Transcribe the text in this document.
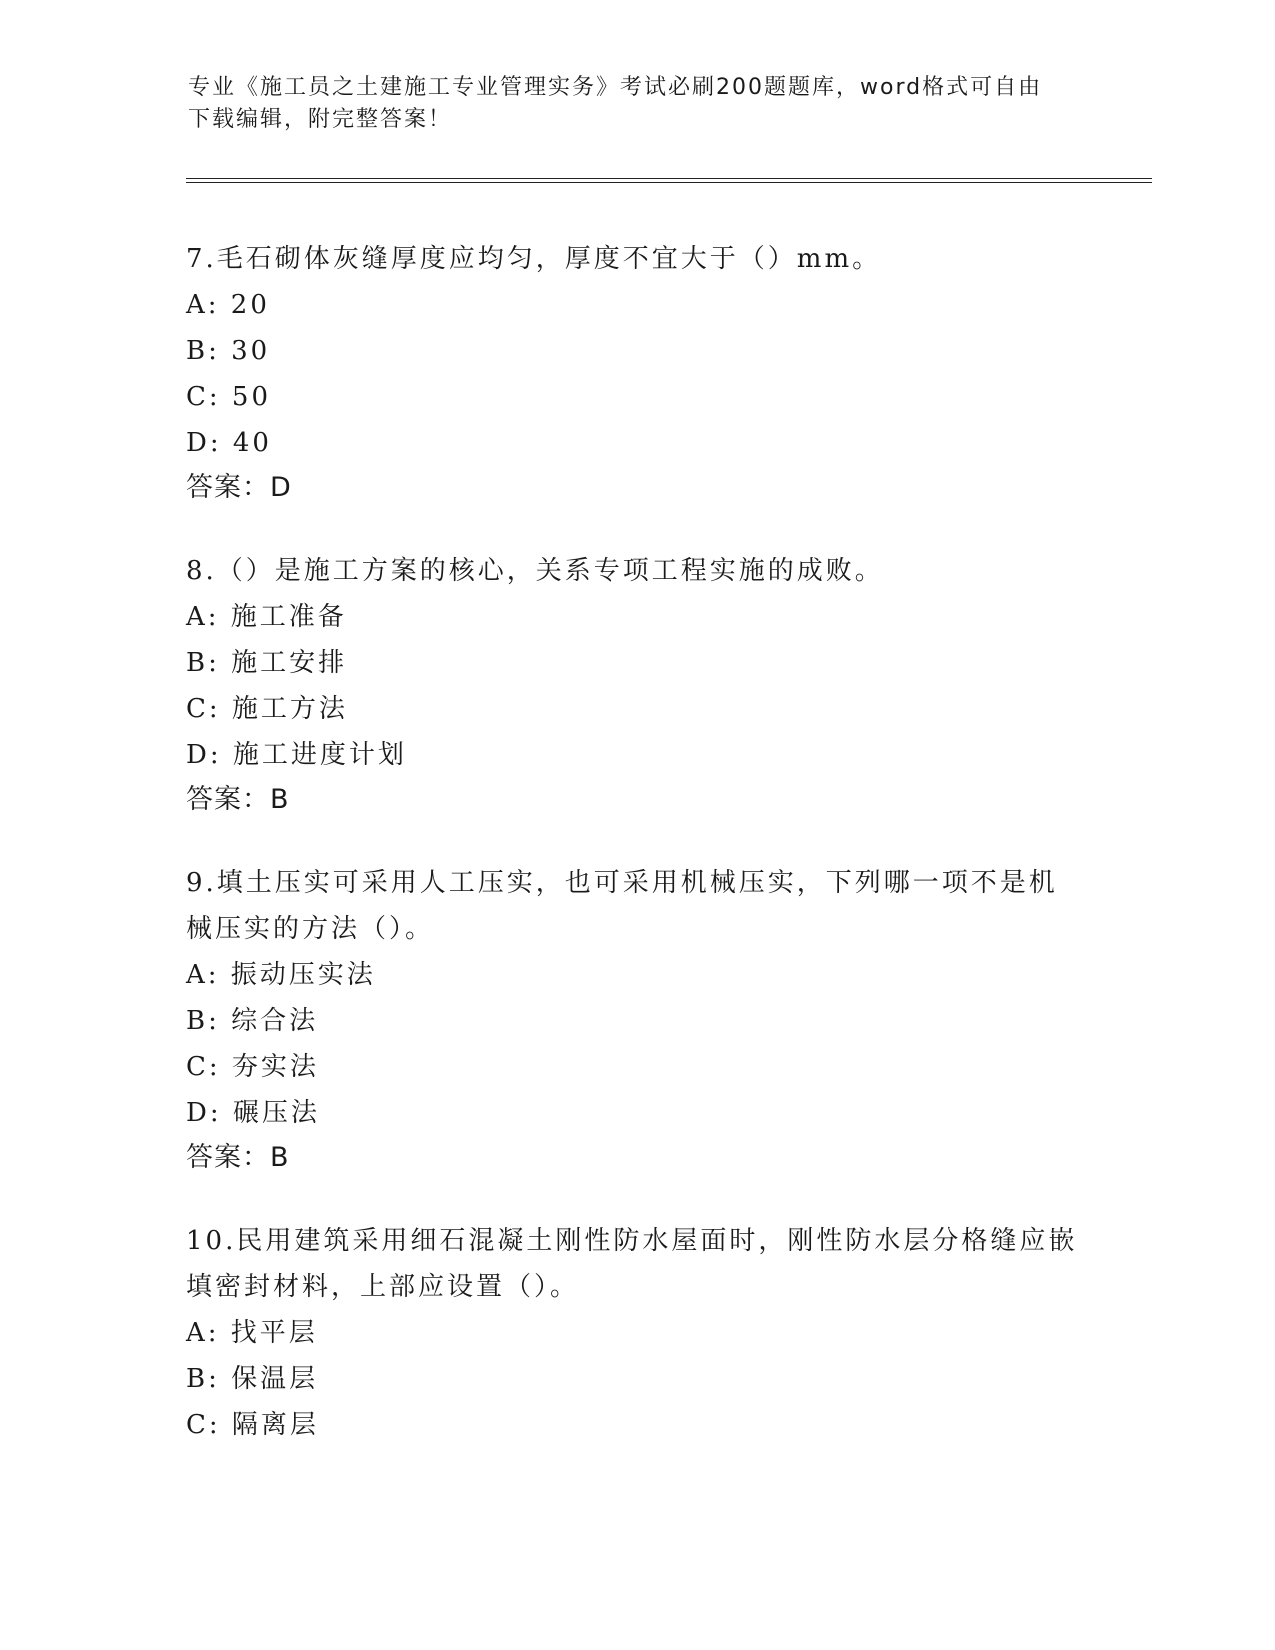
专业《施工员之土建施工专业管理实务》考试必刷200题题库，word格式可自由
下载编辑，附完整答案！
7.毛石砌体灰缝厚度应均匀，厚度不宜大于（）mm。
A: 20
B: 30
C: 50
D: 40
答案：D
8.（）是施工方案的核心，关系专项工程实施的成败。
A: 施工准备
B: 施工安排
C: 施工方法
D: 施工进度计划
答案：B
9.填土压实可采用人工压实，也可采用机械压实，下列哪一项不是机
械压实的方法（）。
A: 振动压实法
B: 综合法
C: 夯实法
D: 碾压法
答案：B
10.民用建筑采用细石混凝土刚性防水屋面时，刚性防水层分格缝应嵌
填密封材料，上部应设置（）。
A: 找平层
B: 保温层
C: 隔离层
